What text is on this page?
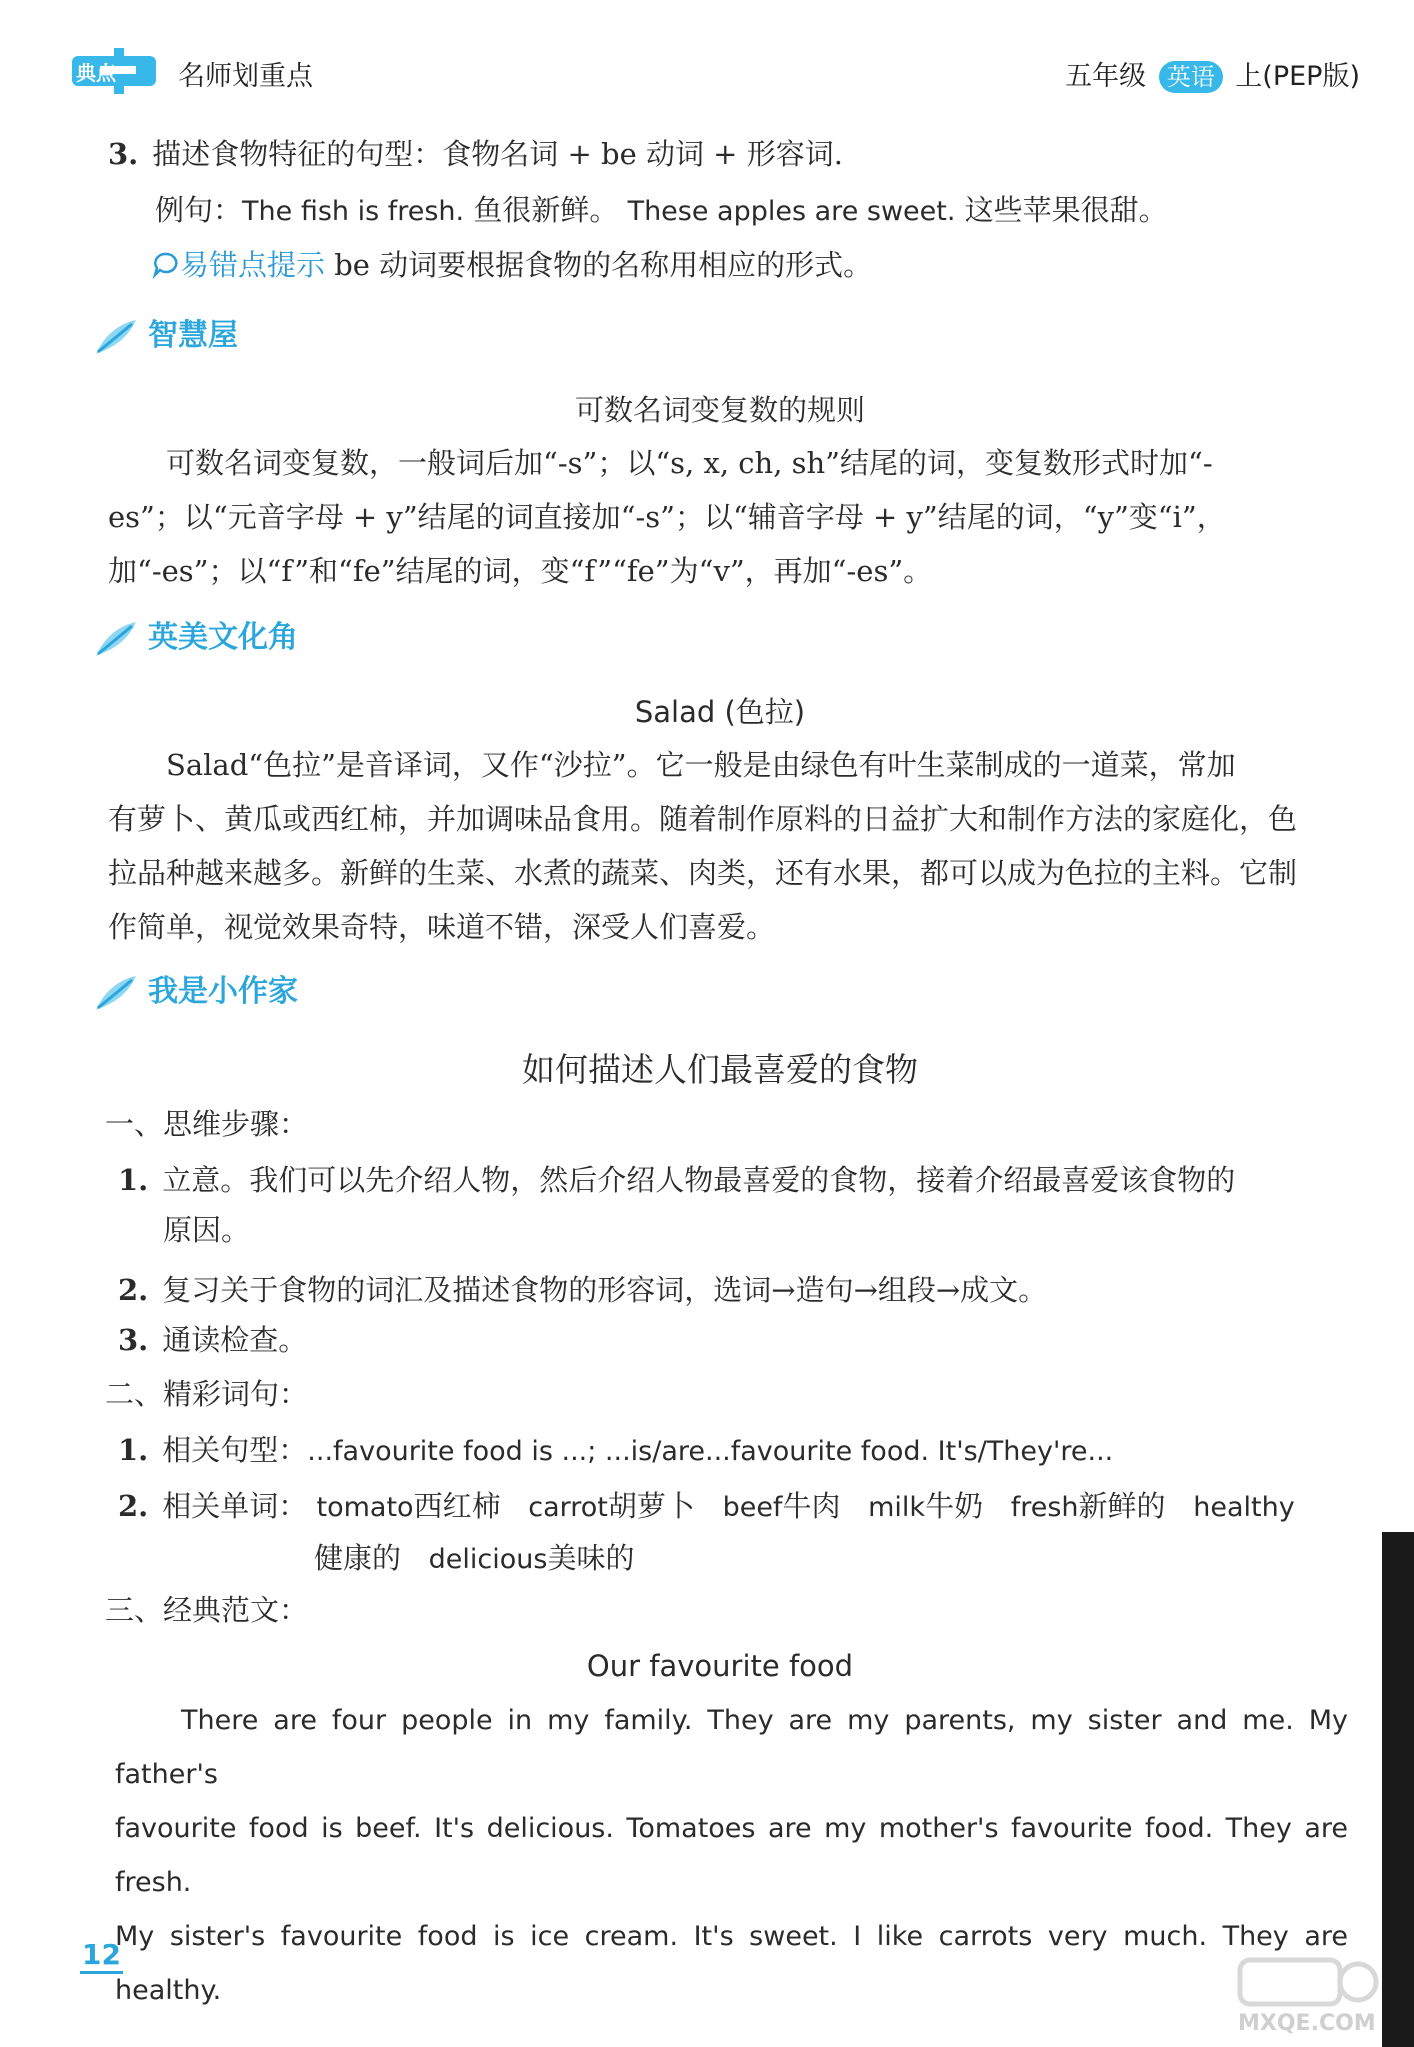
典点 名师划重点	五年级 英语 上(PEP版)
3. 描述食物特征的句型：食物名词 + be 动词 + 形容词.
例句：The fish is fresh. 鱼很新鲜。 These apples are sweet. 这些苹果很甜。
易错点提示 be 动词要根据食物的名称用相应的形式。
智慧屋
可数名词变复数的规则
可数名词变复数，一般词后加“-s”；以“s, x, ch, sh”结尾的词，变复数形式时加“-
es”；以“元音字母 + y”结尾的词直接加“-s”；以“辅音字母 + y”结尾的词，“y”变“i”，
加“-es”；以“f”和“fe”结尾的词，变“f”“fe”为“v”，再加“-es”。
英美文化角
Salad (色拉)
Salad“色拉”是音译词，又作“沙拉”。它一般是由绿色有叶生菜制成的一道菜，常加
有萝卜、黄瓜或西红柿，并加调味品食用。随着制作原料的日益扩大和制作方法的家庭化，色
拉品种越来越多。新鲜的生菜、水煮的蔬菜、肉类，还有水果，都可以成为色拉的主料。它制
作简单，视觉效果奇特，味道不错，深受人们喜爱。
我是小作家
如何描述人们最喜爱的食物
一、思维步骤：
1. 立意。我们可以先介绍人物，然后介绍人物最喜爱的食物，接着介绍最喜爱该食物的
原因。
2. 复习关于食物的词汇及描述食物的形容词，选词→造句→组段→成文。
3. 通读检查。
二、精彩词句：
1. 相关句型：...favourite food is ...; ...is/are...favourite food. It's/They're...
2. 相关单词： tomato西红柿 carrot胡萝卜 beef牛肉 milk牛奶 fresh新鲜的 healthy
健康的 delicious美味的
三、经典范文：
Our favourite food
There are four people in my family. They are my parents, my sister and me. My father's
favourite food is beef. It's delicious. Tomatoes are my mother's favourite food. They are fresh.
My sister's favourite food is ice cream. It's sweet. I like carrots very much. They are healthy.
12
MXQE.COM
